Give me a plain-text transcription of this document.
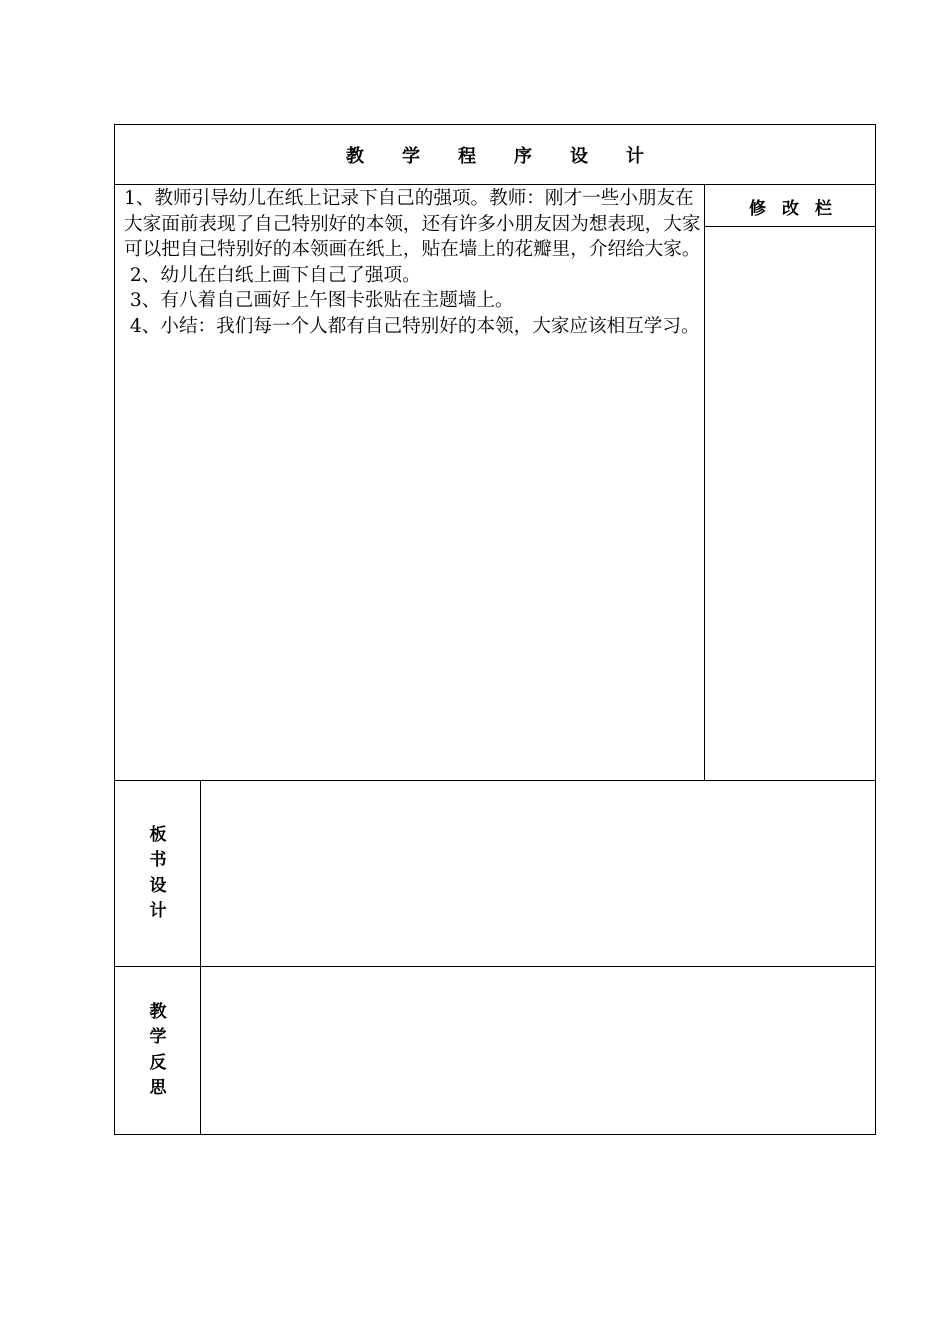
教 学 程 序 设 计

1、教师引导幼儿在纸上记录下自己的强项。教师：刚才一些小朋友在大家面前表现了自己特别好的本领，还有许多小朋友因为想表现，大家可以把自己特别好的本领画在纸上，贴在墙上的花瓣里，介绍给大家。

2、幼儿在白纸上画下自己了强项。

3、有八着自己画好上午图卡张贴在主题墙上。

4、小结：我们每一个人都有自己特别好的本领，大家应该相互学习。

修 改 栏
板
书
设
计
教
学
反
思
